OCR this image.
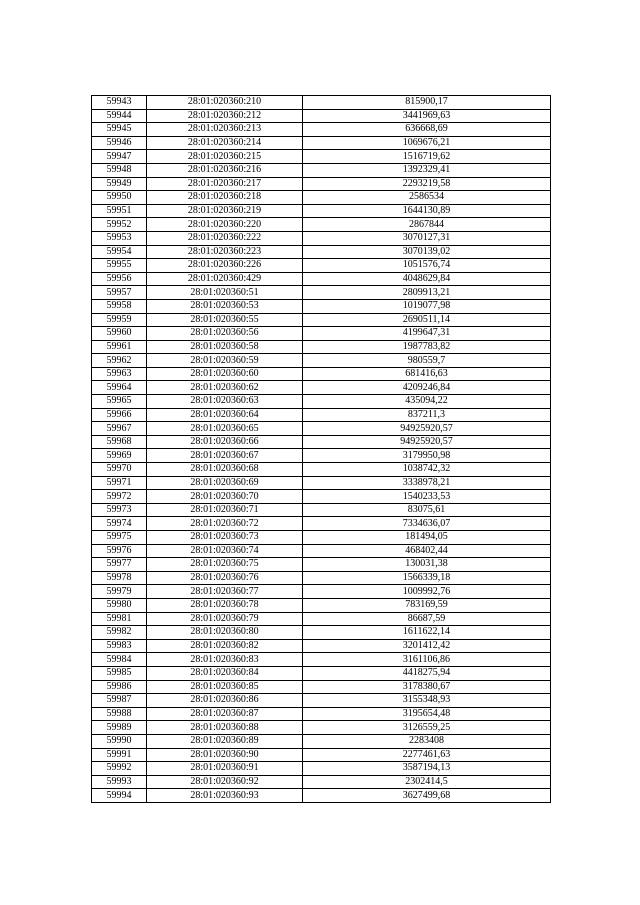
59943	28:01:020360:210	815900,17
59944	28:01:020360:212	3441969,63
59945	28:01:020360:213	636668,69
59946	28:01:020360:214	1069676,21
59947	28:01:020360:215	1516719,62
59948	28:01:020360:216	1392329,41
59949	28:01:020360:217	2293219,58
59950	28:01:020360:218	2586534
59951	28:01:020360:219	1644130,89
59952	28:01:020360:220	2867844
59953	28:01:020360:222	3070127,31
59954	28:01:020360:223	3070139,02
59955	28:01:020360:226	1051576,74
59956	28:01:020360:429	4048629,84
59957	28:01:020360:51	2809913,21
59958	28:01:020360:53	1019077,98
59959	28:01:020360:55	2690511,14
59960	28:01:020360:56	4199647,31
59961	28:01:020360:58	1987783,82
59962	28:01:020360:59	980559,7
59963	28:01:020360:60	681416,63
59964	28:01:020360:62	4209246,84
59965	28:01:020360:63	435094,22
59966	28:01:020360:64	837211,3
59967	28:01:020360:65	94925920,57
59968	28:01:020360:66	94925920,57
59969	28:01:020360:67	3179950,98
59970	28:01:020360:68	1038742,32
59971	28:01:020360:69	3338978,21
59972	28:01:020360:70	1540233,53
59973	28:01:020360:71	83075,61
59974	28:01:020360:72	7334636,07
59975	28:01:020360:73	181494,05
59976	28:01:020360:74	468402,44
59977	28:01:020360:75	130031,38
59978	28:01:020360:76	1566339,18
59979	28:01:020360:77	1009992,76
59980	28:01:020360:78	783169,59
59981	28:01:020360:79	86687,59
59982	28:01:020360:80	1611622,14
59983	28:01:020360:82	3201412,42
59984	28:01:020360:83	3161106,86
59985	28:01:020360:84	4418275,94
59986	28:01:020360:85	3178380,67
59987	28:01:020360:86	3155348,93
59988	28:01:020360:87	3195654,48
59989	28:01:020360:88	3126559,25
59990	28:01:020360:89	2283408
59991	28:01:020360:90	2277461,63
59992	28:01:020360:91	3587194,13
59993	28:01:020360:92	2302414,5
59994	28:01:020360:93	3627499,68
